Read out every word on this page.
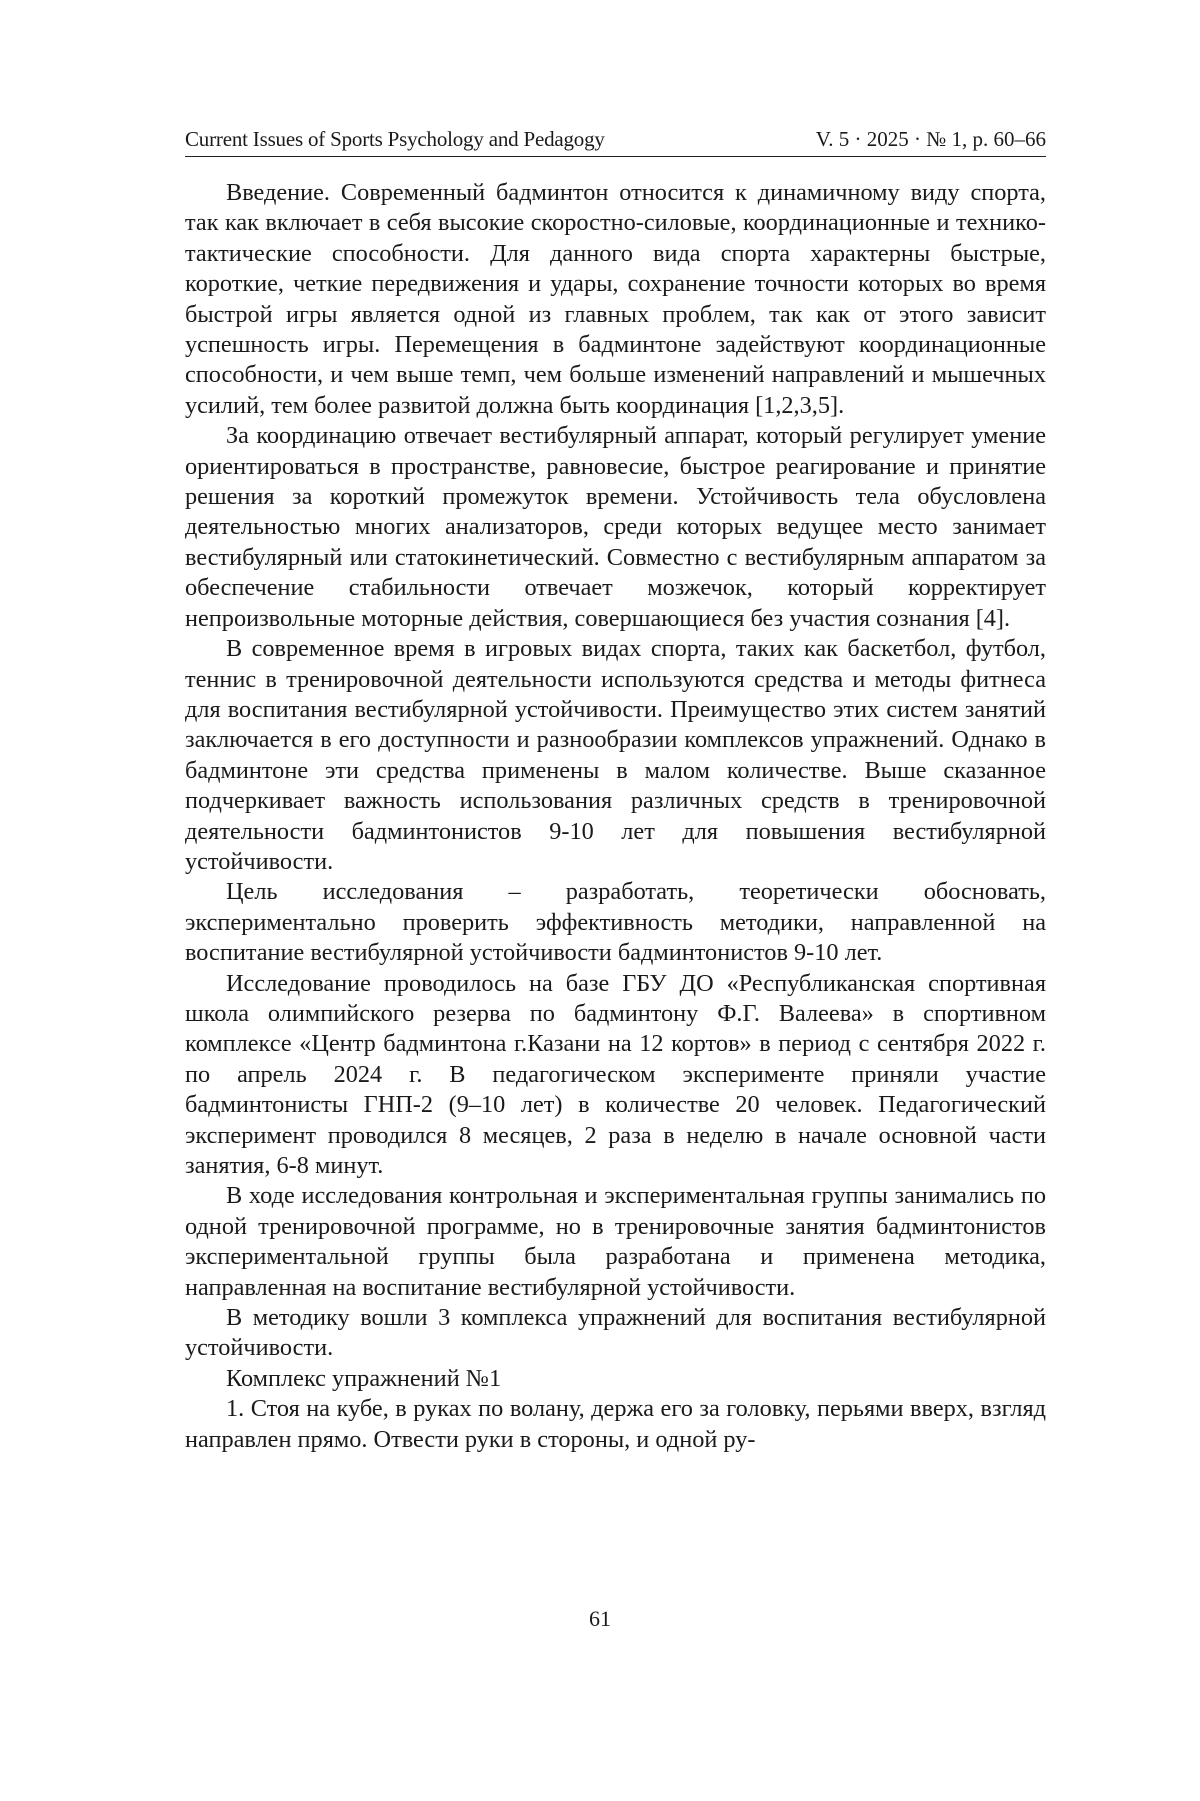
Current Issues of Sports Psychology and Pedagogy	V. 5 · 2025 · № 1, p. 60–66

Введение. Современный бадминтон относится к динамичному виду спорта, так как включает в себя высокие скоростно-силовые, координационные и технико-тактические способности. Для данного вида спорта характерны быстрые, короткие, четкие передвижения и удары, сохранение точности которых во время быстрой игры является одной из главных проблем, так как от этого зависит успешность игры. Перемещения в бадминтоне задействуют координационные способности, и чем выше темп, чем больше изменений направлений и мышечных усилий, тем более развитой должна быть координация [1,2,3,5].

За координацию отвечает вестибулярный аппарат, который регулирует умение ориентироваться в пространстве, равновесие, быстрое реагирование и принятие решения за короткий промежуток времени. Устойчивость тела обусловлена деятельностью многих анализаторов, среди которых ведущее место занимает вестибулярный или статокинетический. Совместно с вестибулярным аппаратом за обеспечение стабильности отвечает мозжечок, который корректирует непроизвольные моторные действия, совершающиеся без участия сознания [4].

В современное время в игровых видах спорта, таких как баскетбол, футбол, теннис в тренировочной деятельности используются средства и методы фитнеса для воспитания вестибулярной устойчивости. Преимущество этих систем занятий заключается в его доступности и разнообразии комплексов упражнений. Однако в бадминтоне эти средства применены в малом количестве. Выше сказанное подчеркивает важность использования различных средств в тренировочной деятельности бадминтонистов 9-10 лет для повышения вестибулярной устойчивости.

Цель исследования – разработать, теоретически обосновать, экспериментально проверить эффективность методики, направленной на воспитание вестибулярной устойчивости бадминтонистов 9-10 лет.

Исследование проводилось на базе ГБУ ДО «Республиканская спортивная школа олимпийского резерва по бадминтону Ф.Г. Валеева» в спортивном комплексе «Центр бадминтона г.Казани на 12 кортов» в период с сентября 2022 г. по апрель 2024 г. В педагогическом эксперименте приняли участие бадминтонисты ГНП-2 (9–10 лет) в количестве 20 человек. Педагогический эксперимент проводился 8 месяцев, 2 раза в неделю в начале основной части занятия, 6-8 минут.

В ходе исследования контрольная и экспериментальная группы занимались по одной тренировочной программе, но в тренировочные занятия бадминтонистов экспериментальной группы была разработана и применена методика, направленная на воспитание вестибулярной устойчивости.

В методику вошли 3 комплекса упражнений для воспитания вестибулярной устойчивости.

Комплекс упражнений №1

1. Стоя на кубе, в руках по волану, держа его за головку, перьями вверх, взгляд направлен прямо. Отвести руки в стороны, и одной ру-

61
